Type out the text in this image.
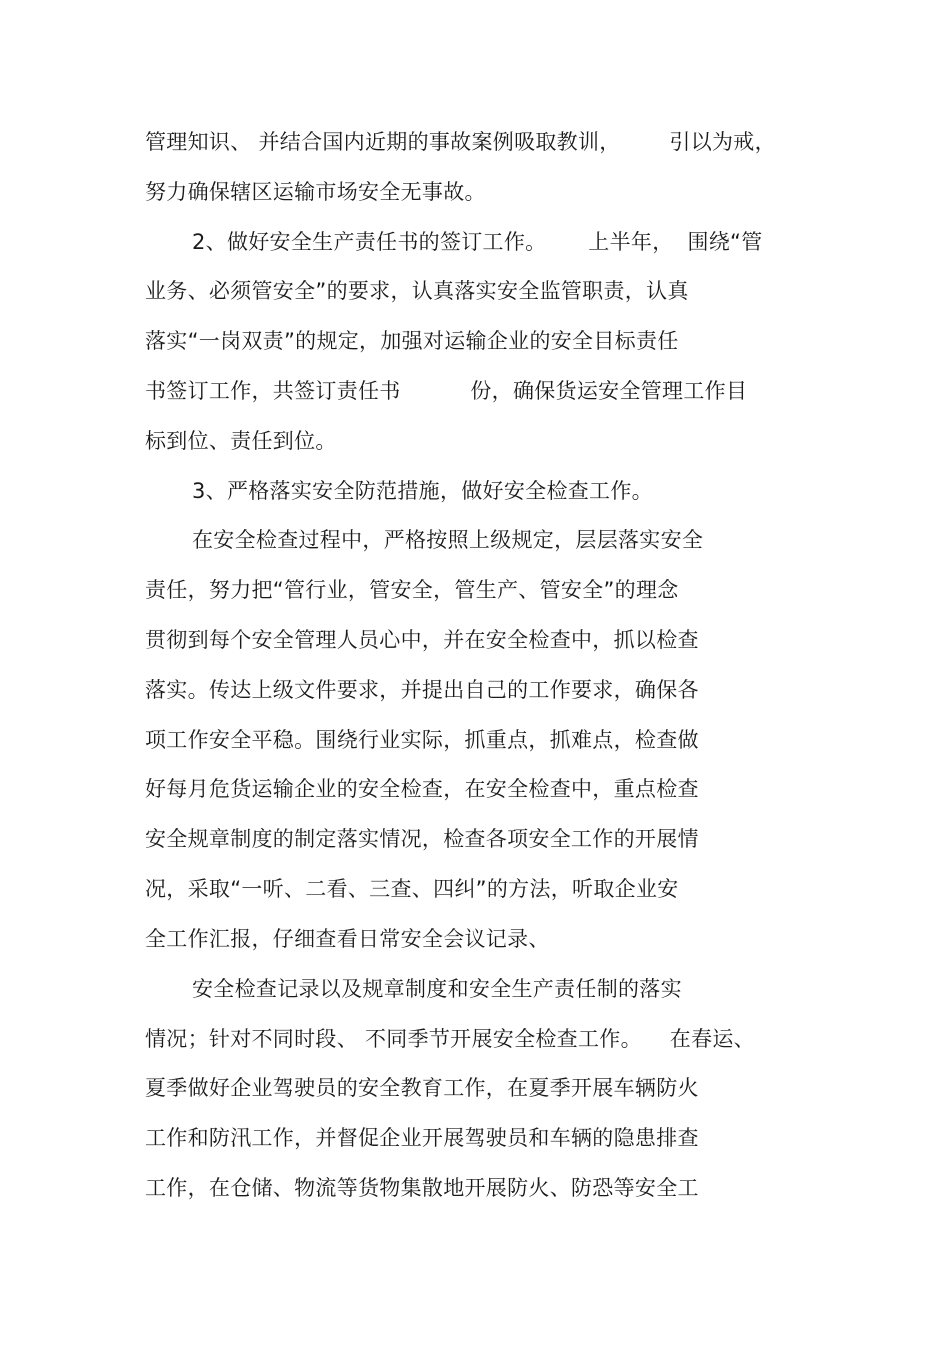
管理知识、 并结合国内近期的事故案例吸取教训，       引以为戒，
努力确保辖区运输市场安全无事故。
2、做好安全生产责任书的签订工作。      上半年，  围绕“管
业务、必须管安全”的要求，认真落实安全监管职责，认真
落实“一岗双责”的规定，加强对运输企业的安全目标责任
书签订工作，共签订责任书          份，确保货运安全管理工作目
标到位、责任到位。
3、严格落实安全防范措施，做好安全检查工作。
在安全检查过程中，严格按照上级规定，层层落实安全
责任，努力把“管行业，管安全，管生产、管安全”的理念
贯彻到每个安全管理人员心中，并在安全检查中，抓以检查
落实。传达上级文件要求，并提出自己的工作要求，确保各
项工作安全平稳。围绕行业实际，抓重点，抓难点，检查做
好每月危货运输企业的安全检查，在安全检查中，重点检查
安全规章制度的制定落实情况，检查各项安全工作的开展情
况，采取“一听、二看、三查、四纠”的方法，听取企业安
全工作汇报，仔细查看日常安全会议记录、
安全检查记录以及规章制度和安全生产责任制的落实
情况；针对不同时段、 不同季节开展安全检查工作。    在春运、
夏季做好企业驾驶员的安全教育工作，在夏季开展车辆防火
工作和防汛工作，并督促企业开展驾驶员和车辆的隐患排查
工作，在仓储、物流等货物集散地开展防火、防恐等安全工
